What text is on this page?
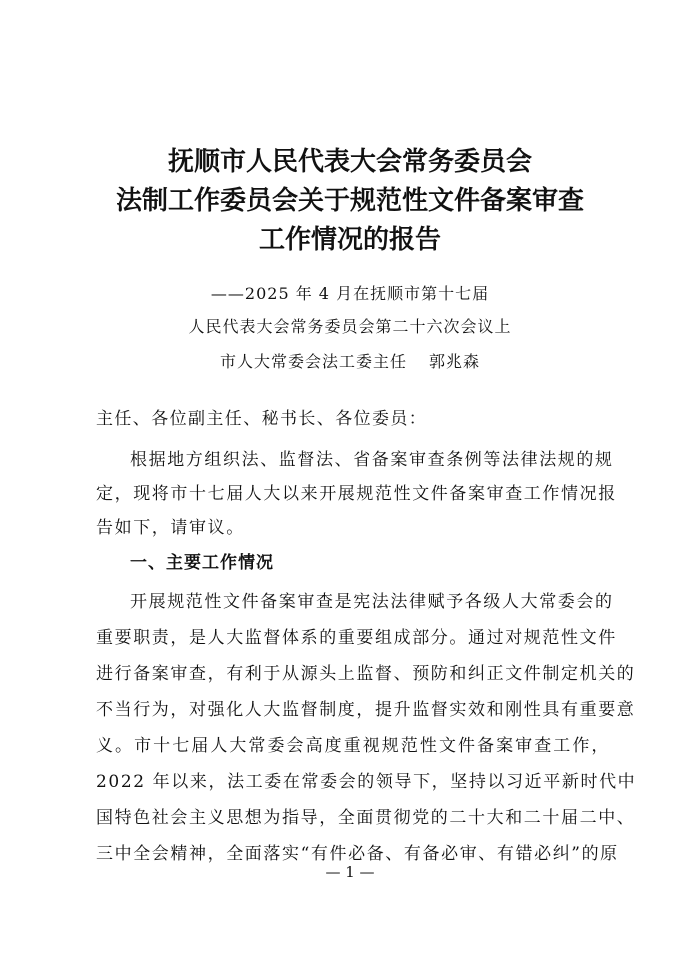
抚顺市人民代表大会常务委员会
法制工作委员会关于规范性文件备案审查
工作情况的报告

——2025 年 4 月在抚顺市第十七届

人民代表大会常务委员会第二十六次会议上

市人大常委会法工委主任 郭兆森

主任、各位副主任、秘书长、各位委员：
根据地方组织法、监督法、省备案审查条例等法律法规的规
定，现将市十七届人大以来开展规范性文件备案审查工作情况报
告如下，请审议。
一、主要工作情况
开展规范性文件备案审查是宪法法律赋予各级人大常委会的
重要职责，是人大监督体系的重要组成部分。通过对规范性文件
进行备案审查，有利于从源头上监督、预防和纠正文件制定机关的
不当行为，对强化人大监督制度，提升监督实效和刚性具有重要意
义。市十七届人大常委会高度重视规范性文件备案审查工作，
2022 年以来，法工委在常委会的领导下，坚持以习近平新时代中
国特色社会主义思想为指导，全面贯彻党的二十大和二十届二中、
三中全会精神，全面落实“有件必备、有备必审、有错必纠”的原
— 1 —
